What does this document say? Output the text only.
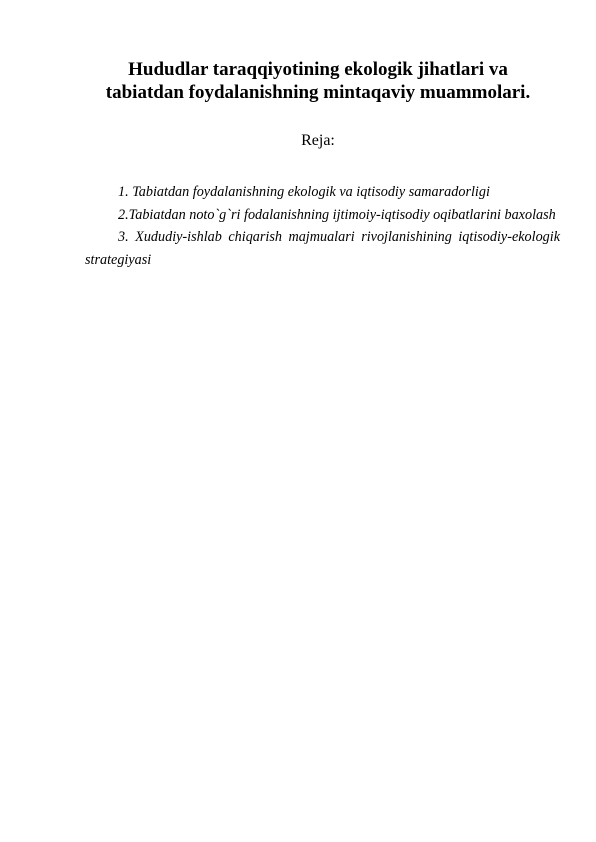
Hududlar taraqqiyotining ekologik jihatlari va
tabiatdan foydalanishning mintaqaviy muammolari.
Reja:

1. Tabiatdan foydalanishning ekologik va iqtisodiy samaradorligi

2.Tabiatdan noto`g`ri fodalanishning ijtimoiy-iqtisodiy oqibatlarini baxolash

3. Xududiy-ishlab chiqarish majmualari rivojlanishining iqtisodiy-ekologik strategiyasi
